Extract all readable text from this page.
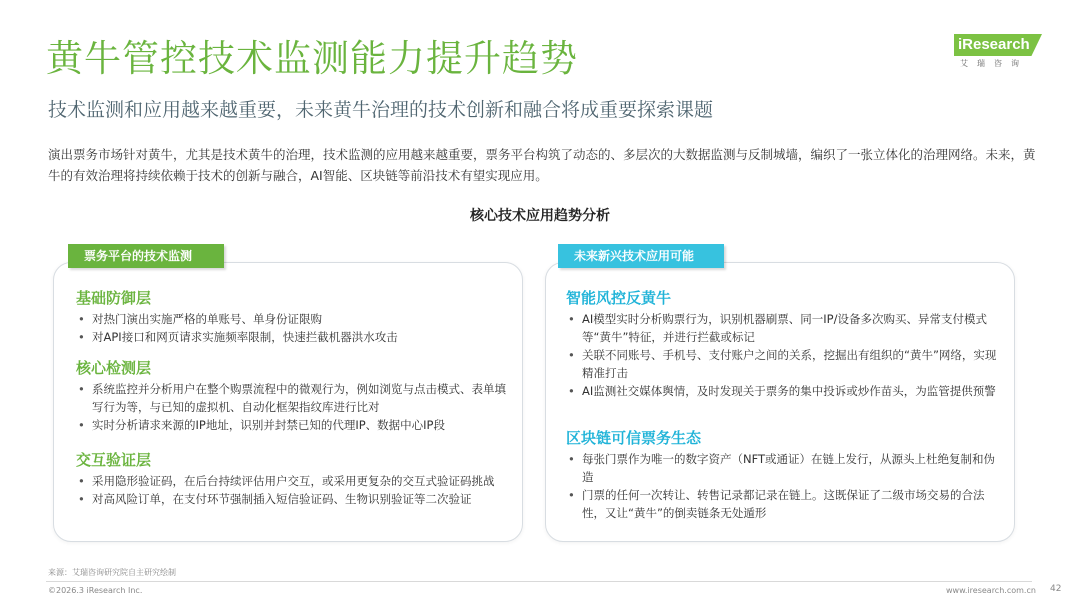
黄牛管控技术监测能力提升趋势
技术监测和应用越来越重要，未来黄牛治理的技术创新和融合将成重要探索课题
iResearch
艾瑞咨询
演出票务市场针对黄牛，尤其是技术黄牛的治理，技术监测的应用越来越重要，票务平台构筑了动态的、多层次的大数据监测与反制城墙，编织了一张立体化的治理网络。未来，黄牛的有效治理将持续依赖于技术的创新与融合，AI智能、区块链等前沿技术有望实现应用。
核心技术应用趋势分析
票务平台的技术监测
基础防御层
• 对热门演出实施严格的单账号、单身份证限购
• 对API接口和网页请求实施频率限制，快速拦截机器洪水攻击
核心检测层
• 系统监控并分析用户在整个购票流程中的微观行为，例如浏览与点击模式、表单填写行为等，与已知的虚拟机、自动化框架指纹库进行比对
• 实时分析请求来源的IP地址，识别并封禁已知的代理IP、数据中心IP段
交互验证层
• 采用隐形验证码，在后台持续评估用户交互，或采用更复杂的交互式验证码挑战
• 对高风险订单，在支付环节强制插入短信验证码、生物识别验证等二次验证
未来新兴技术应用可能
智能风控反黄牛
• AI模型实时分析购票行为，识别机器刷票、同一IP/设备多次购买、异常支付模式等“黄牛”特征，并进行拦截或标记
• 关联不同账号、手机号、支付账户之间的关系，挖掘出有组织的“黄牛”网络，实现精准打击
• AI监测社交媒体舆情，及时发现关于票务的集中投诉或炒作苗头，为监管提供预警
区块链可信票务生态
• 每张门票作为唯一的数字资产（NFT或通证）在链上发行，从源头上杜绝复制和伪造
• 门票的任何一次转让、转售记录都记录在链上。这既保证了二级市场交易的合法性，又让“黄牛”的倒卖链条无处遁形
来源：艾瑞咨询研究院自主研究绘制
©2026.3 iResearch Inc.	www.iresearch.com.cn 42
